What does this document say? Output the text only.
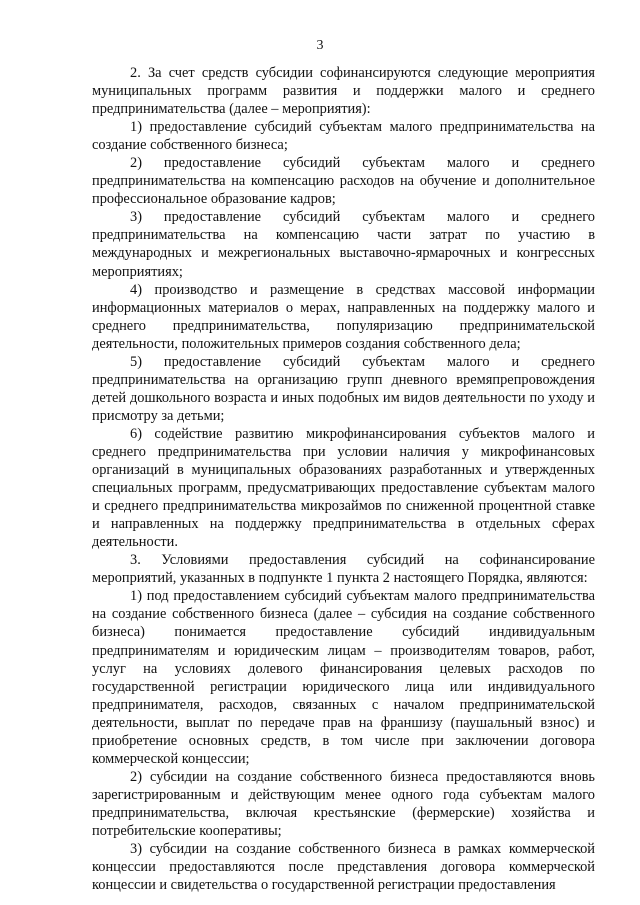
3

2. За счет средств субсидии софинансируются следующие мероприятия муниципальных программ развития и поддержки малого и среднего предпринимательства (далее – мероприятия):

1) предоставление субсидий субъектам малого предпринимательства на создание собственного бизнеса;

2) предоставление субсидий субъектам малого и среднего предпринимательства на компенсацию расходов на обучение и дополнительное профессиональное образование кадров;

3) предоставление субсидий субъектам малого и среднего предпринимательства на компенсацию части затрат по участию в международных и межрегиональных выставочно-ярмарочных и конгрессных мероприятиях;

4) производство и размещение в средствах массовой информации информационных материалов о мерах, направленных на поддержку малого и среднего предпринимательства, популяризацию предпринимательской деятельности, положительных примеров создания собственного дела;

5) предоставление субсидий субъектам малого и среднего предпринимательства на организацию групп дневного времяпрепровождения детей дошкольного возраста и иных подобных им видов деятельности по уходу и присмотру за детьми;

6) содействие развитию микрофинансирования субъектов малого и среднего предпринимательства при условии наличия у микрофинансовых организаций в муниципальных образованиях разработанных и утвержденных специальных программ, предусматривающих предоставление субъектам малого и среднего предпринимательства микрозаймов по сниженной процентной ставке и направленных на поддержку предпринимательства в отдельных сферах деятельности.

3. Условиями предоставления субсидий на софинансирование мероприятий, указанных в подпункте 1 пункта 2 настоящего Порядка, являются:

1) под предоставлением субсидий субъектам малого предпринимательства на создание собственного бизнеса (далее – субсидия на создание собственного бизнеса) понимается предоставление субсидий индивидуальным предпринимателям и юридическим лицам – производителям товаров, работ, услуг на условиях долевого финансирования целевых расходов по государственной регистрации юридического лица или индивидуального предпринимателя, расходов, связанных с началом предпринимательской деятельности, выплат по передаче прав на франшизу (паушальный взнос) и приобретение основных средств, в том числе при заключении договора коммерческой концессии;

2) субсидии на создание собственного бизнеса предоставляются вновь зарегистрированным и действующим менее одного года субъектам малого предпринимательства, включая крестьянские (фермерские) хозяйства и потребительские кооперативы;

3) субсидии на создание собственного бизнеса в рамках коммерческой концессии предоставляются после представления договора коммерческой концессии и свидетельства о государственной регистрации предоставления
